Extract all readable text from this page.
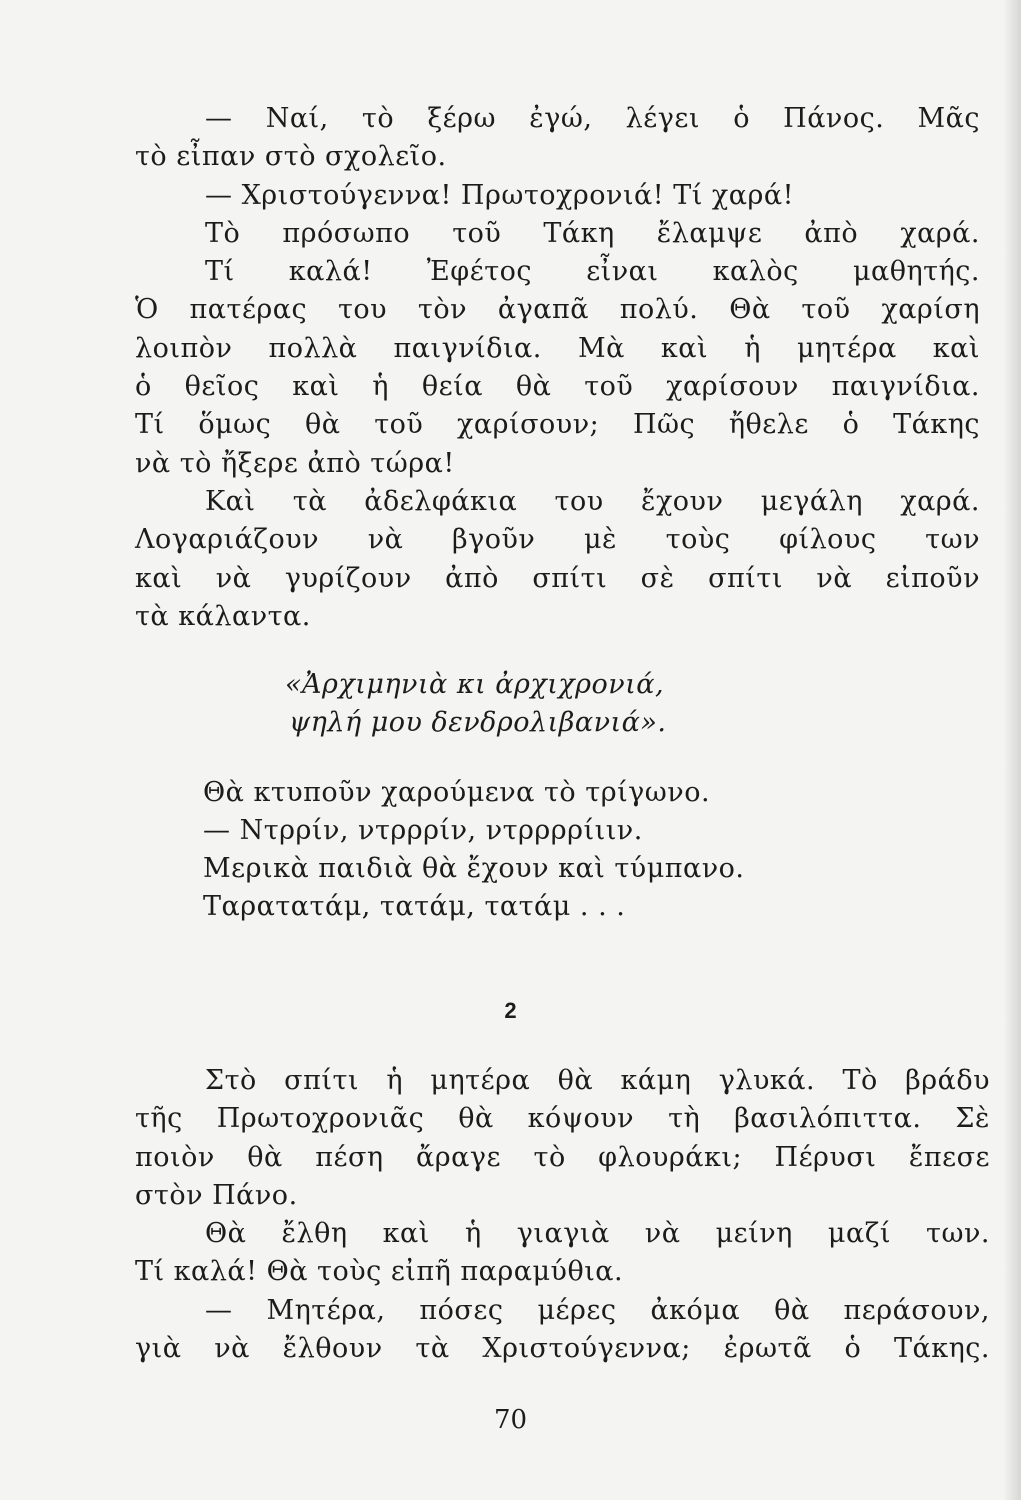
— Ναί, τὸ ξέρω ἐγώ, λέγει ὁ Πάνος. Μᾶς
τὸ εἶπαν στὸ σχολεῖο.
— Χριστούγεννα! Πρωτοχρονιά! Τί χαρά!
Τὸ πρόσωπο τοῦ Τάκη ἔλαμψε ἀπὸ χαρά.
Τί καλά! Ἐφέτος εἶναι καλὸς μαθητής.
Ὁ πατέρας του τὸν ἀγαπᾶ πολύ. Θὰ τοῦ χαρίση
λοιπὸν πολλὰ παιγνίδια. Μὰ καὶ ἡ μητέρα καὶ
ὁ θεῖος καὶ ἡ θεία θὰ τοῦ χαρίσουν παιγνίδια.
Τί ὅμως θὰ τοῦ χαρίσουν; Πῶς ἤθελε ὁ Τάκης
νὰ τὸ ἤξερε ἀπὸ τώρα!
Καὶ τὰ ἀδελφάκια του ἔχουν μεγάλη χαρά.
Λογαριάζουν νὰ βγοῦν μὲ τοὺς φίλους των
καὶ νὰ γυρίζουν ἀπὸ σπίτι σὲ σπίτι νὰ εἰποῦν
τὰ κάλαντα.
«Ἀρχιμηνιὰ κι ἀρχιχρονιά,
ψηλή μου δενδρολιβανιά».
Θὰ κτυποῦν χαρούμενα τὸ τρίγωνο.
— Ντρρίν, ντρρρίν, ντρρρρίιιν.
Μερικὰ παιδιὰ θὰ ἔχουν καὶ τύμπανο.
Ταρατατάμ, τατάμ, τατάμ . . .
2
Στὸ σπίτι ἡ μητέρα θὰ κάμη γλυκά. Τὸ βράδυ
τῆς Πρωτοχρονιᾶς θὰ κόψουν τὴ βασιλόπιττα. Σὲ
ποιὸν θὰ πέση ἄραγε τὸ φλουράκι; Πέρυσι ἔπεσε
στὸν Πάνο.
Θὰ ἔλθη καὶ ἡ γιαγιὰ νὰ μείνη μαζί των.
Τί καλά! Θὰ τοὺς εἰπῆ παραμύθια.
— Μητέρα, πόσες μέρες ἀκόμα θὰ περάσουν,
γιὰ νὰ ἔλθουν τὰ Χριστούγεννα; ἐρωτᾶ ὁ Τάκης.
70
